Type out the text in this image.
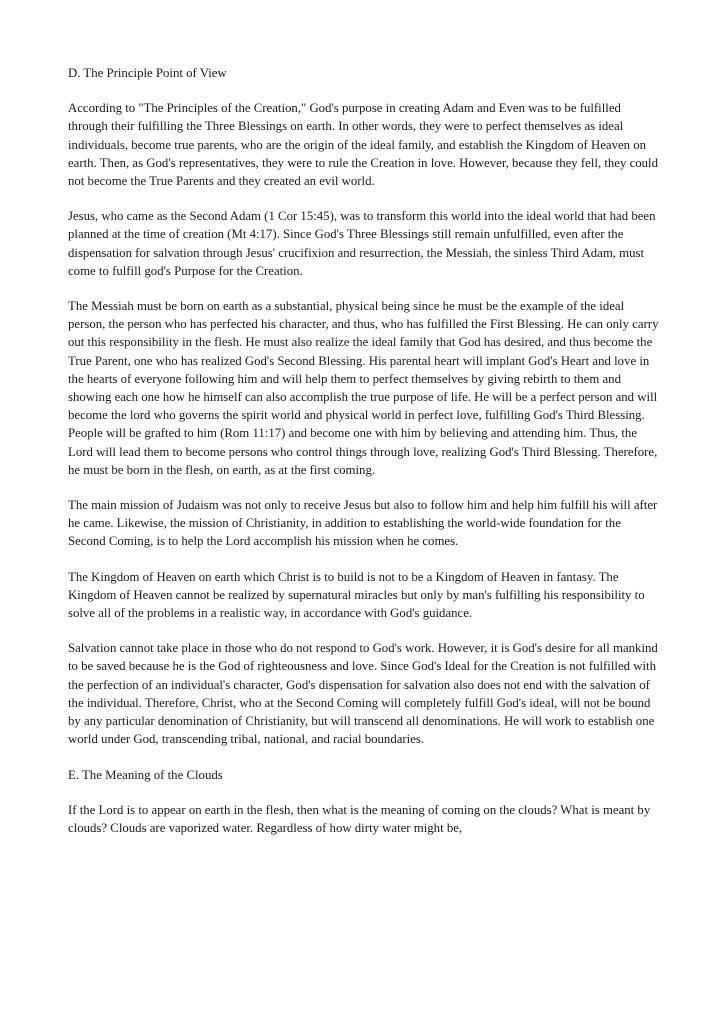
D. The Principle Point of View

According to "The Principles of the Creation," God's purpose in creating Adam and Even was to be fulfilled through their fulfilling the Three Blessings on earth. In other words, they were to perfect themselves as ideal individuals, become true parents, who are the origin of the ideal family, and establish the Kingdom of Heaven on earth. Then, as God's representatives, they were to rule the Creation in love. However, because they fell, they could not become the True Parents and they created an evil world.

Jesus, who came as the Second Adam (1 Cor 15:45), was to transform this world into the ideal world that had been planned at the time of creation (Mt 4:17). Since God's Three Blessings still remain unfulfilled, even after the dispensation for salvation through Jesus' crucifixion and resurrection, the Messiah, the sinless Third Adam, must come to fulfill god's Purpose for the Creation.

The Messiah must be born on earth as a substantial, physical being since he must be the example of the ideal person, the person who has perfected his character, and thus, who has fulfilled the First Blessing. He can only carry out this responsibility in the flesh. He must also realize the ideal family that God has desired, and thus become the True Parent, one who has realized God's Second Blessing. His parental heart will implant God's Heart and love in the hearts of everyone following him and will help them to perfect themselves by giving rebirth to them and showing each one how he himself can also accomplish the true purpose of life. He will be a perfect person and will become the lord who governs the spirit world and physical world in perfect love, fulfilling God's Third Blessing. People will be grafted to him (Rom 11:17) and become one with him by believing and attending him. Thus, the Lord will lead them to become persons who control things through love, realizing God's Third Blessing. Therefore, he must be born in the flesh, on earth, as at the first coming.

The main mission of Judaism was not only to receive Jesus but also to follow him and help him fulfill his will after he came. Likewise, the mission of Christianity, in addition to establishing the world-wide foundation for the Second Coming, is to help the Lord accomplish his mission when he comes.

The Kingdom of Heaven on earth which Christ is to build is not to be a Kingdom of Heaven in fantasy. The Kingdom of Heaven cannot be realized by supernatural miracles but only by man's fulfilling his responsibility to solve all of the problems in a realistic way, in accordance with God's guidance.

Salvation cannot take place in those who do not respond to God's work. However, it is God's desire for all mankind to be saved because he is the God of righteousness and love. Since God's Ideal for the Creation is not fulfilled with the perfection of an individual's character, God's dispensation for salvation also does not end with the salvation of the individual. Therefore, Christ, who at the Second Coming will completely fulfill God's ideal, will not be bound by any particular denomination of Christianity, but will transcend all denominations. He will work to establish one world under God, transcending tribal, national, and racial boundaries.

E. The Meaning of the Clouds

If the Lord is to appear on earth in the flesh, then what is the meaning of coming on the clouds? What is meant by clouds? Clouds are vaporized water. Regardless of how dirty water might be,
